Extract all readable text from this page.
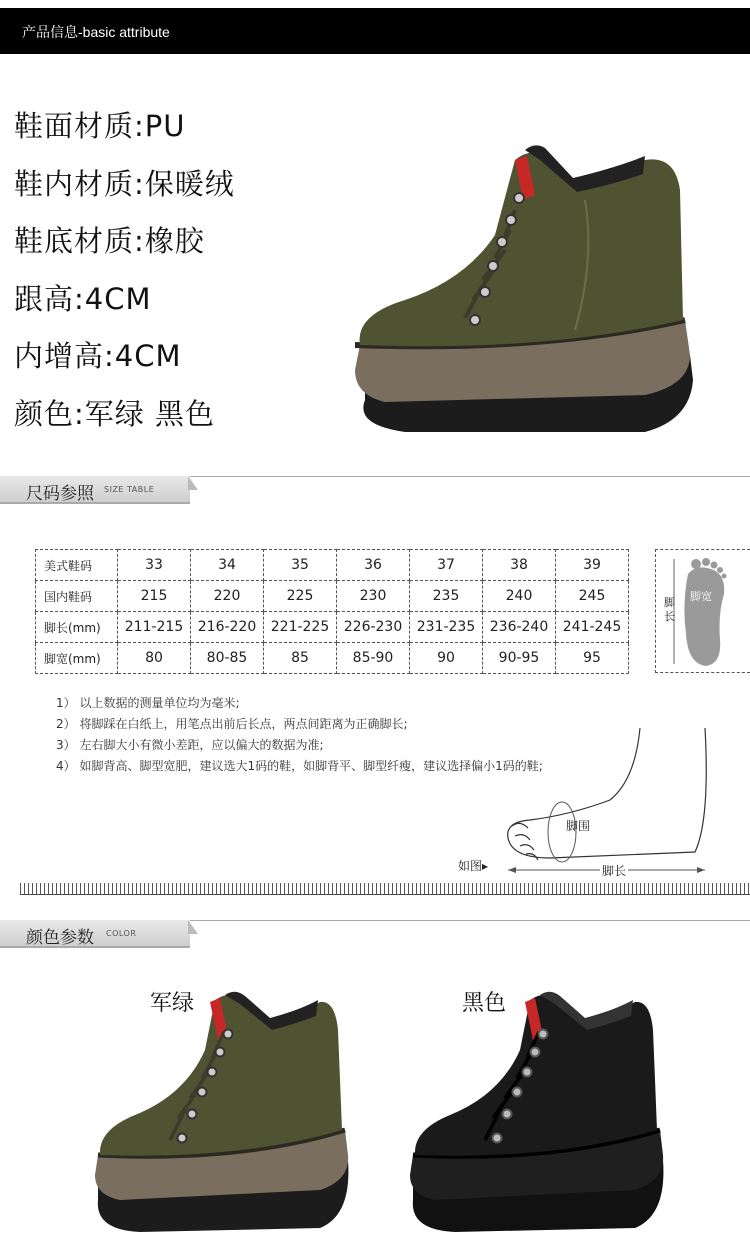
产品信息-basic attribute
鞋面材质:PU
鞋内材质:保暖绒
鞋底材质:橡胶
跟高:4CM
内增高:4CM
颜色:军绿 黑色
尺码参照 SIZE TABLE
美式鞋码	33	34	35	36	37	38	39
国内鞋码	215	220	225	230	235	240	245
脚长(mm)	211-215	216-220	221-225	226-230	231-235	236-240	241-245
脚宽(mm)	80	80-85	85	85-90	90	90-95	95
脚长
脚宽
1） 以上数据的测量单位均为毫米;
2） 将脚踩在白纸上，用笔点出前后长点，两点间距离为正确脚长;
3） 左右脚大小有微小差距，应以偏大的数据为准;
4） 如脚背高、脚型宽肥，建议选大1码的鞋，如脚背平、脚型纤瘦，建议选择偏小1码的鞋;
脚围
脚长
如图▸
颜色参数 COLOR
军绿	黑色
